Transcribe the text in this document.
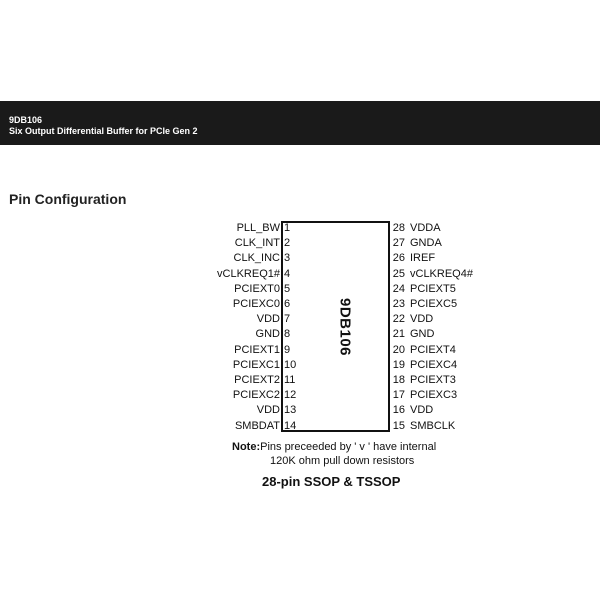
9DB106
Six Output Differential Buffer for PCIe Gen 2
Pin Configuration
9DB106
PLL_BW 1
CLK_INT 2
CLK_INC 3
vCLKREQ1# 4
PCIEXT0 5
PCIEXC0 6
VDD 7
GND 8
PCIEXT1 9
PCIEXC1 10
PCIEXT2 11
PCIEXC2 12
VDD 13
SMBDAT 14
28 VDDA
27 GNDA
26 IREF
25 vCLKREQ4#
24 PCIEXT5
23 PCIEXC5
22 VDD
21 GND
20 PCIEXT4
19 PCIEXC4
18 PCIEXT3
17 PCIEXC3
16 VDD
15 SMBCLK
Note:Pins preceeded by ' v ' have internal
120K ohm pull down resistors
28-pin SSOP & TSSOP
